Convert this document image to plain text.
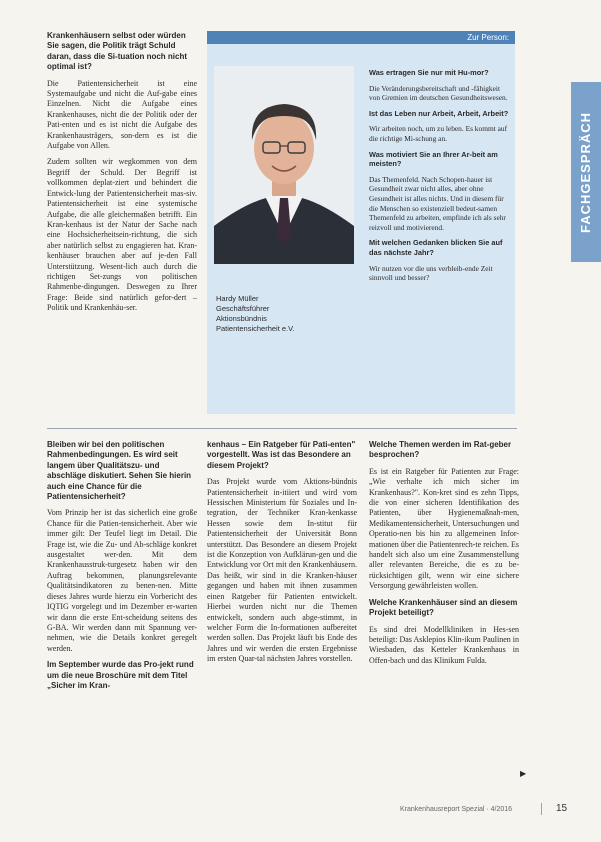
FACHGESPRÄCH
Zur Person:
Hardy Müller
Geschäftsführer
Aktionsbündnis
Patientensicherheit e.V.

Was ertragen Sie nur mit Hu-mor?

Die Veränderungsbereitschaft und -fähigkeit von Gremien im deutschen Gesundheitswesen.

Ist das Leben nur Arbeit, Arbeit, Arbeit?

Wir arbeiten noch, um zu leben. Es kommt auf die richtige Mi-schung an.

Was motiviert Sie an Ihrer Ar-beit am meisten?

Das Themenfeld. Nach Schopen-hauer ist Gesundheit zwar nicht alles, aber ohne Gesundheit ist alles nichts. Und in diesem für die Menschen so existenziell bedeut-samen Themenfeld zu arbeiten, empfinde ich als sehr reizvoll und motivierend.

Mit welchen Gedanken blicken Sie auf das nächste Jahr?

Wir nutzen vor die uns verbleib-ende Zeit sinnvoll und besser?

Krankenhäusern selbst oder würden Sie sagen, die Politik trägt Schuld daran, dass die Si-tuation noch nicht optimal ist?

Die Patientensicherheit ist eine Systemaufgabe und nicht die Auf-gabe eines Einzelnen. Nicht die Aufgabe eines Krankenhauses, nicht die der Politik oder der Pati-enten und es ist nicht die Aufgabe des Krankenhausträgers, son-dern es ist die Aufgabe von Allen.

Zudem sollten wir wegkommen von dem Begriff der Schuld. Der Begriff ist vollkommen deplat-ziert und behindert die Entwick-lung der Patientensicherheit mas-siv. Patientensicherheit ist eine systemische Aufgabe, die alle gleichermaßen betrifft. Ein Kran-kenhaus ist der Natur der Sache nach eine Hochsicherheitsein-richtung, die sich aber natürlich selbst zu engagieren hat. Kran-kenhäuser brauchen aber auf je-den Fall Unterstützung. Wesent-lich auch durch die richtigen Set-zungs von politischen Rahmenbe-dingungen. Deswegen zu Ihrer Frage: Beide sind natürlich gefor-dert – Politik und Krankenhäu-ser.

Bleiben wir bei den politischen Rahmenbedingungen. Es wird seit langem über Qualitätszu- und abschläge diskutiert. Sehen Sie hierin auch eine Chance für die Patientensicherheit?

Vom Prinzip her ist das sicherlich eine große Chance für die Patien-tensicherheit. Aber wie immer gilt: Der Teufel liegt im Detail. Die Frage ist, wie die Zu- und Ab-schläge konkret ausgestaltet wer-den. Mit dem Krankenhausstruk-turgesetz haben wir den Auftrag bekommen, planungsrelevante Qualitätsindikatoren zu benen-nen. Mitte dieses Jahres wurde hierzu ein Vorbericht des IQTIG vorgelegt und im Dezember er-warten wir dann die erste Ent-scheidung seitens des G-BA. Wir werden dann mit Spannung ver-nehmen, wie die Details konkret geregelt werden.

Im September wurde das Pro-jekt rund um die neue Broschüre mit dem Titel „Sicher im Kran-

kenhaus – Ein Ratgeber für Pati-enten" vorgestellt. Was ist das Besondere an diesem Projekt?

Das Projekt wurde vom Aktions-bündnis Patientensicherheit in-itiiert und wird vom Hessischen Ministerium für Soziales und In-tegration, der Techniker Kran-kenkasse Hessen sowie dem In-stitut für Patientensicherheit der Universität Bonn unterstützt. Das Besondere an diesem Projekt ist die Konzeption von Aufklärun-gen und die Entwicklung vor Ort mit den Krankenhäusern. Das heißt, wir sind in die Kranken-häuser gegangen und haben mit ihnen zusammen einen Ratgeber für Patienten entwickelt. Hierbei wurden nicht nur die Themen entwickelt, sondern auch abge-stimmt, in welcher Form die In-formationen aufbereitet werden sollen. Das Projekt läuft bis Ende des Jahres und wir werden die ersten Ergebnisse im ersten Quar-tal nächsten Jahres vorstellen.

Welche Themen werden im Rat-geber besprochen?

Es ist ein Ratgeber für Patienten zur Frage: „Wie verhalte ich mich sicher im Krankenhaus?". Kon-kret sind es zehn Tipps, die von einer sicheren Identifikation des Patienten, über Hygienemaßnah-men, Medikamentensicherheit, Untersuchungen und Operatio-nen bis hin zu allgemeinen Infor-mationen über die Patientenrech-te reichen. Es handelt sich also um eine Zusammenstellung aller relevanten Bereiche, die es zu be-rücksichtigen gilt, wenn wir eine sichere Versorgung gewährleisten wollen.

Welche Krankenhäuser sind an diesem Projekt beteiligt?

Es sind drei Modellkliniken in Hes-sen beteiligt: Das Asklepios Klin-ikum Paulinen in Wiesbaden, das Ketteler Krankenhaus in Offen-bach und das Klinikum Fulda.

▶
Krankenhausreport Spezial · 4/2016	15
